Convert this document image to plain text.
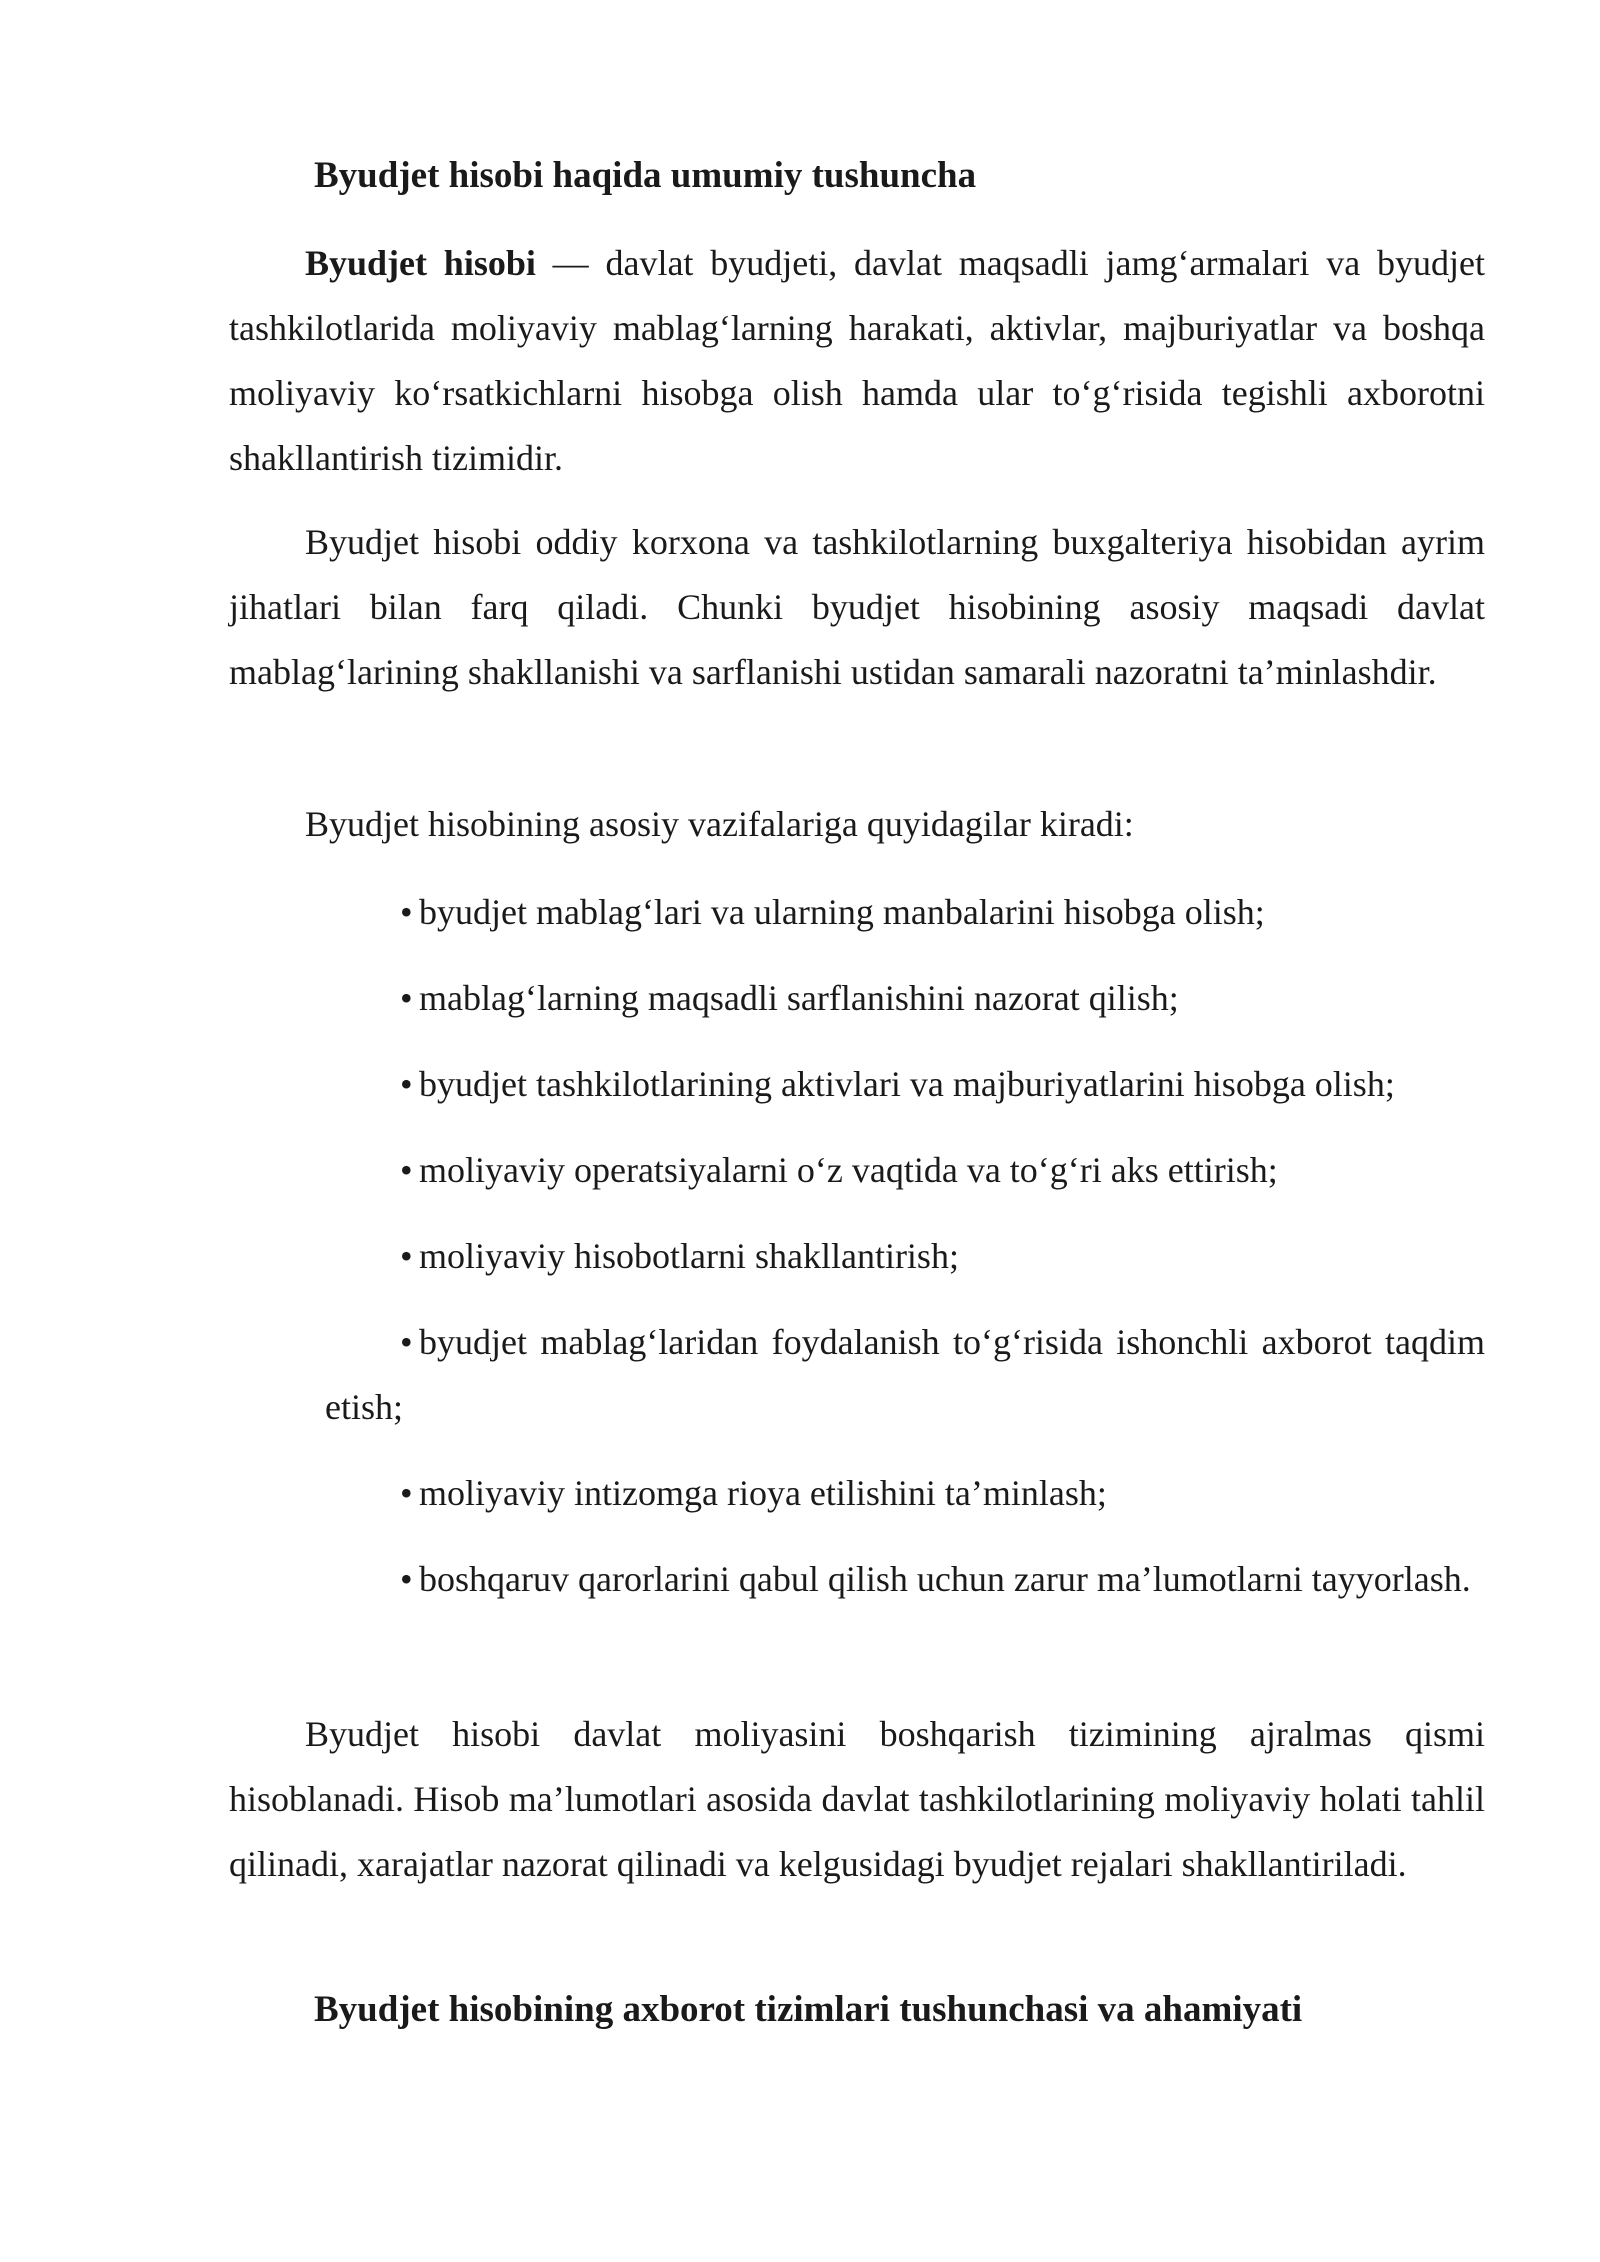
Byudjet hisobi haqida umumiy tushuncha

Byudjet hisobi — davlat byudjeti, davlat maqsadli jamg‘armalari va byudjet tashkilotlarida moliyaviy mablag‘larning harakati, aktivlar, majburiyatlar va boshqa moliyaviy ko‘rsatkichlarni hisobga olish hamda ular to‘g‘risida tegishli axborotni shakllantirish tizimidir.

Byudjet hisobi oddiy korxona va tashkilotlarning buxgalteriya hisobidan ayrim jihatlari bilan farq qiladi. Chunki byudjet hisobining asosiy maqsadi davlat mablag‘larining shakllanishi va sarflanishi ustidan samarali nazoratni ta’minlashdir.

Byudjet hisobining asosiy vazifalariga quyidagilar kiradi:

• byudjet mablag‘lari va ularning manbalarini hisobga olish;
• mablag‘larning maqsadli sarflanishini nazorat qilish;
• byudjet tashkilotlarining aktivlari va majburiyatlarini hisobga olish;
• moliyaviy operatsiyalarni o‘z vaqtida va to‘g‘ri aks ettirish;
• moliyaviy hisobotlarni shakllantirish;
• byudjet mablag‘laridan foydalanish to‘g‘risida ishonchli axborot taqdim etish;
• moliyaviy intizomga rioya etilishini ta’minlash;
• boshqaruv qarorlarini qabul qilish uchun zarur ma’lumotlarni tayyorlash.

Byudjet hisobi davlat moliyasini boshqarish tizimining ajralmas qismi hisoblanadi. Hisob ma’lumotlari asosida davlat tashkilotlarining moliyaviy holati tahlil qilinadi, xarajatlar nazorat qilinadi va kelgusidagi byudjet rejalari shakllantiriladi.

Byudjet hisobining axborot tizimlari tushunchasi va ahamiyati
